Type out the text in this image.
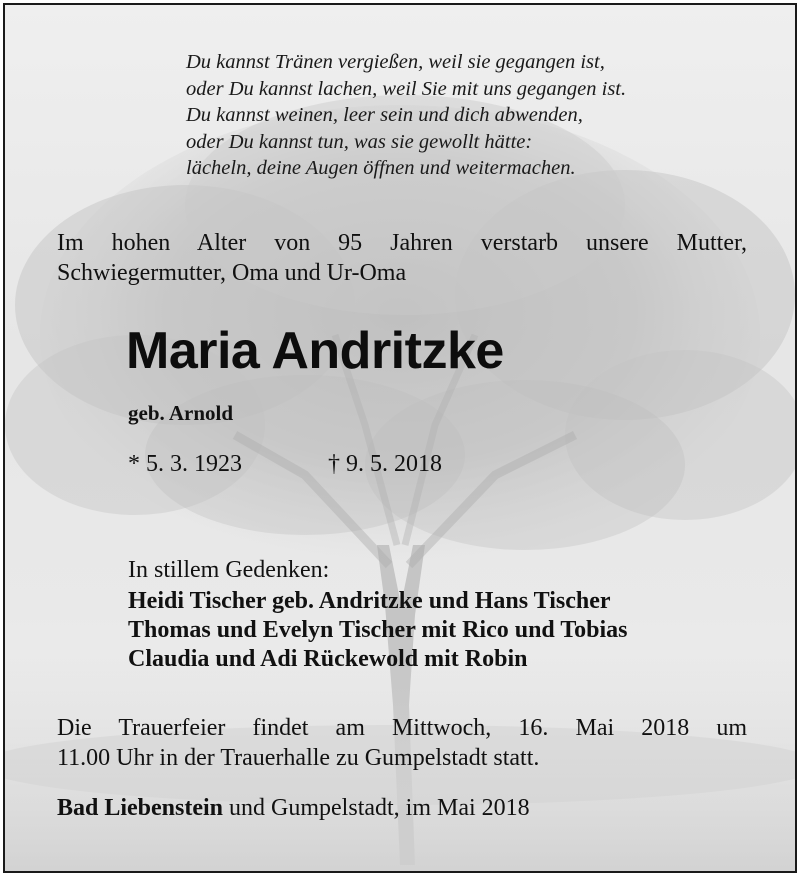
Du kannst Tränen vergießen, weil sie gegangen ist,
oder Du kannst lachen, weil Sie mit uns gegangen ist.
Du kannst weinen, leer sein und dich abwenden,
oder Du kannst tun, was sie gewollt hätte:
lächeln, deine Augen öffnen und weitermachen.
Im hohen Alter von 95 Jahren verstarb unsere Mutter,
Schwiegermutter, Oma und Ur-Oma
Maria Andritzke
geb. Arnold
* 5. 3. 1923	† 9. 5. 2018
In stillem Gedenken:
Heidi Tischer geb. Andritzke und Hans Tischer
Thomas und Evelyn Tischer mit Rico und Tobias
Claudia und Adi Rückewold mit Robin
Die Trauerfeier findet am Mittwoch, 16. Mai 2018 um
11.00 Uhr in der Trauerhalle zu Gumpelstadt statt.
Bad Liebenstein und Gumpelstadt, im Mai 2018
